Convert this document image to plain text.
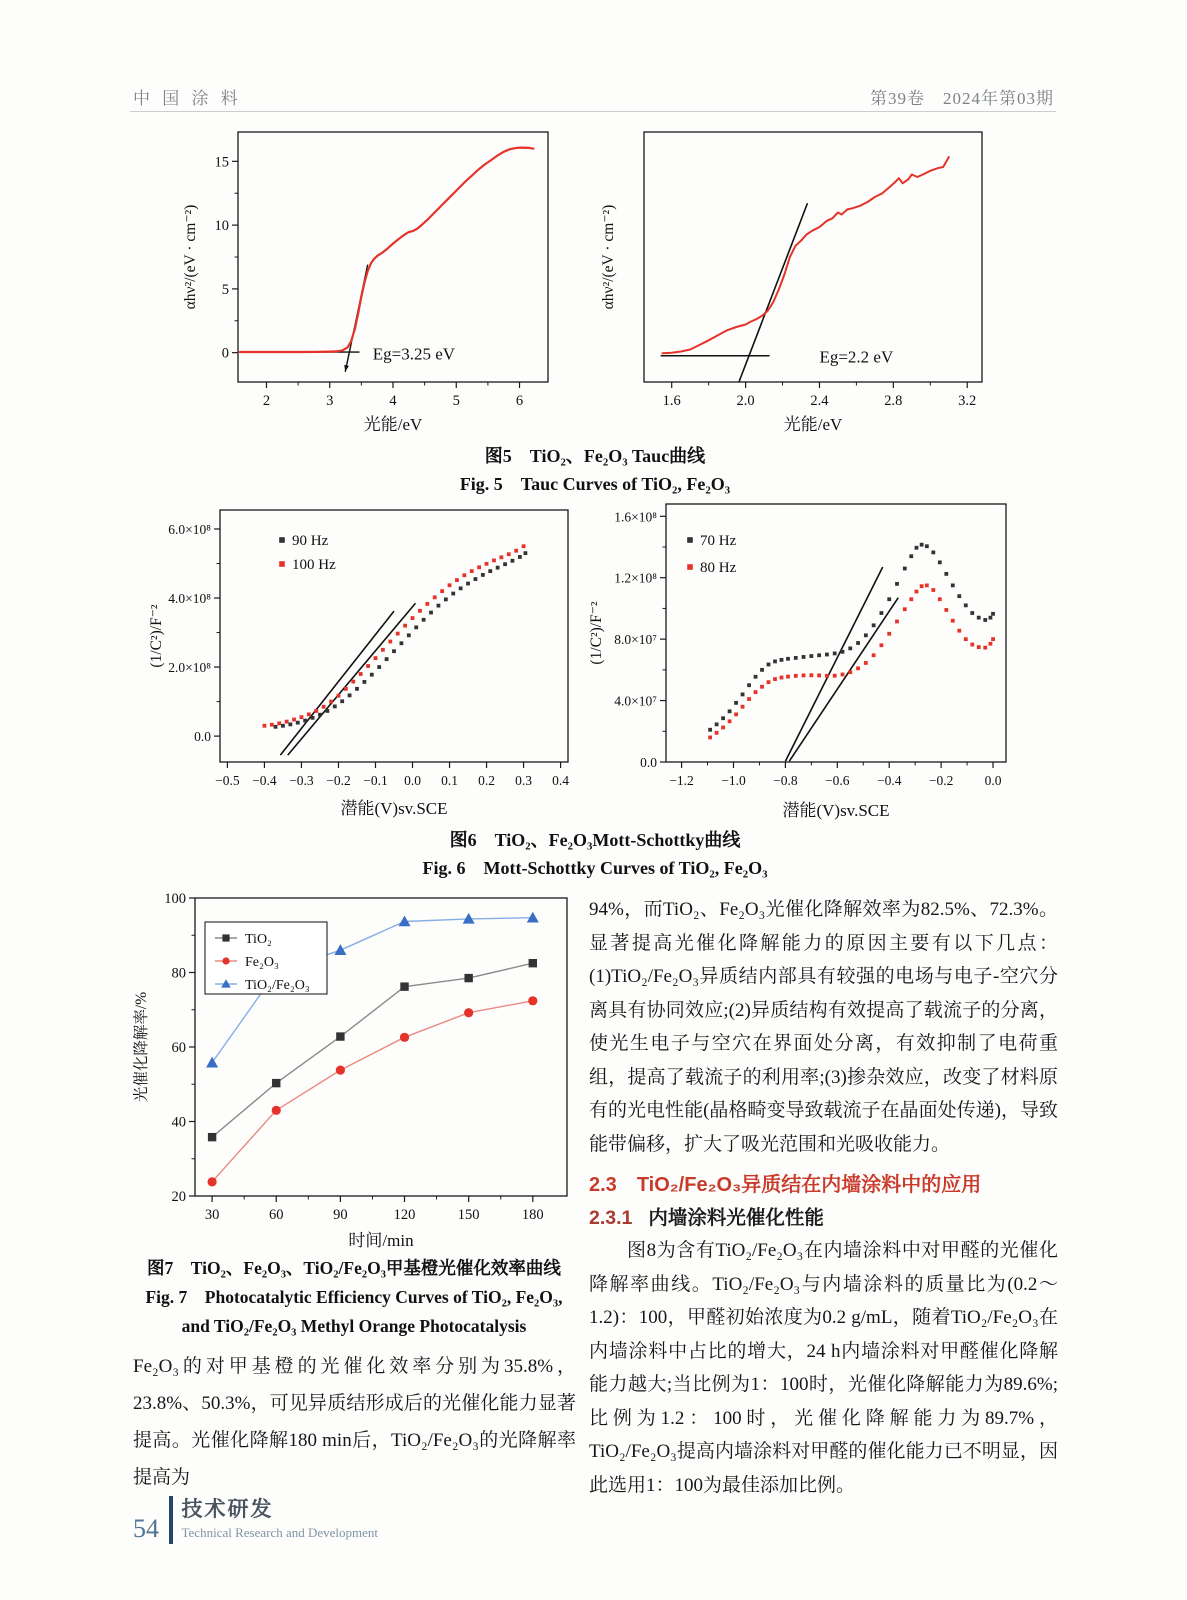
中 国 涂 料	第39卷　2024年第03期
2	3	4	5	6
0
5
10
15
光能/eV
αhν²/(eV · cm⁻²)
Eg=3.25 eV
1.6	2.0	2.4	2.8	3.2
光能/eV
αhν²/(eV · cm⁻²)
Eg=2.2 eV
图5　TiO₂、Fe₂O₃ Tauc曲线
Fig. 5　Tauc Curves of TiO₂, Fe₂O₃
−0.5 −0.4 −0.3 −0.2 −0.1 0.0 0.1 0.2 0.3 0.4
0.0
2.0×10⁸
4.0×10⁸
6.0×10⁸
潜能(V)sv.SCE
(1/C²)/F⁻²
90 Hz
100 Hz
−1.2 −1.0 −0.8 −0.6 −0.4 −0.2 0.0
0.0
4.0×10⁷
8.0×10⁷
1.2×10⁸
1.6×10⁸
潜能(V)sv.SCE
(1/C²)/F⁻²
70 Hz
80 Hz
图6　TiO₂、Fe₂O₃Mott-Schottky曲线
Fig. 6　Mott-Schottky Curves of TiO₂, Fe₂O₃
30	60	90	120	150	180
20
40
60
80
100
时间/min
光催化降解率/%
TiO₂
Fe₂O₃
TiO₂/Fe₂O₃
图7　TiO₂、Fe₂O₃、TiO₂/Fe₂O₃甲基橙光催化效率曲线
Fig. 7　Photocatalytic Efficiency Curves of TiO₂, Fe₂O₃,
and TiO₂/Fe₂O₃ Methyl Orange Photocatalysis
Fe₂O₃的对甲基橙的光催化效率分别为35.8%，23.8%、50.3%，可见异质结形成后的光催化能力显著提高。光催化降解180 min后，TiO₂/Fe₂O₃的光降解率提高为

94%，而TiO₂、Fe₂O₃光催化降解效率为82.5%、72.3%。显著提高光催化降解能力的原因主要有以下几点：(1)TiO₂/Fe₂O₃异质结内部具有较强的电场与电子-空穴分离具有协同效应;(2)异质结构有效提高了载流子的分离，使光生电子与空穴在界面处分离，有效抑制了电荷重组，提高了载流子的利用率;(3)掺杂效应，改变了材料原有的光电性能(晶格畸变导致载流子在晶面处传递)，导致能带偏移，扩大了吸光范围和光吸收能力。

2.3 TiO₂/Fe₂O₃异质结在内墙涂料中的应用
2.3.1 内墙涂料光催化性能

图8为含有TiO₂/Fe₂O₃在内墙涂料中对甲醛的光催化降解率曲线。TiO₂/Fe₂O₃与内墙涂料的质量比为(0.2～1.2)：100，甲醛初始浓度为0.2 g/mL，随着TiO₂/Fe₂O₃在内墙涂料中占比的增大，24 h内墙涂料对甲醛催化降解能力越大;当比例为1：100时，光催化降解能力为89.6%;比例为1.2：100时，光催化降解能力为89.7%，TiO₂/Fe₂O₃提高内墙涂料对甲醛的催化能力已不明显，因此选用1：100为最佳添加比例。

54
技术研发
Technical Research and Development
